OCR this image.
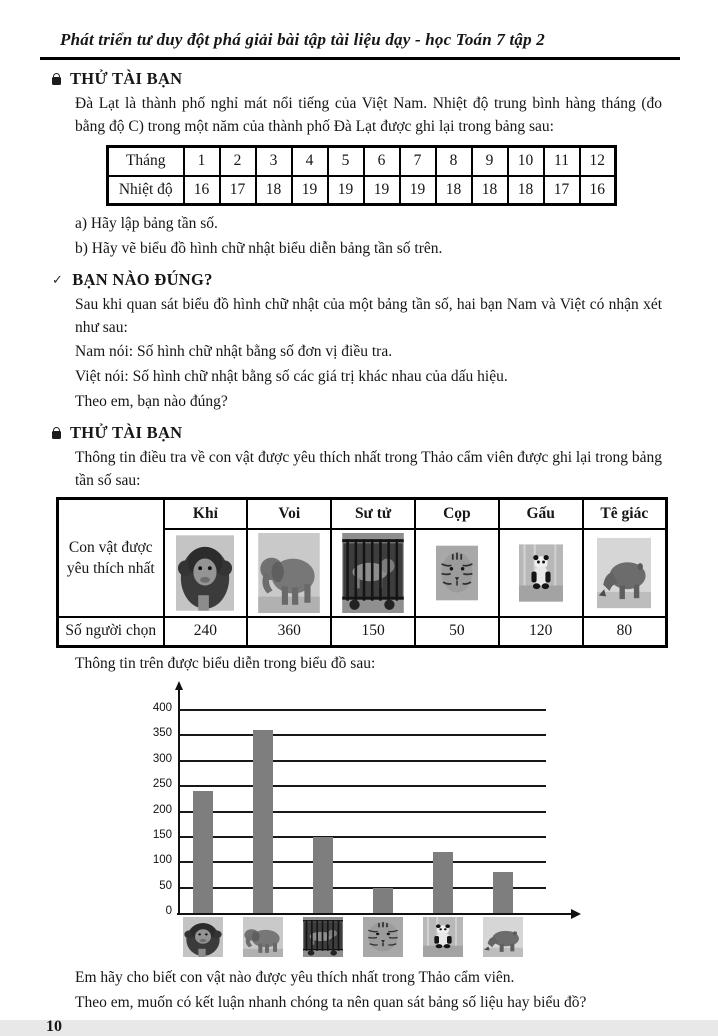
Phát triển tư duy đột phá giải bài tập tài liệu dạy - học Toán 7 tập 2
THỬ TÀI BẠN

Đà Lạt là thành phố nghỉ mát nổi tiếng của Việt Nam. Nhiệt độ trung bình hàng tháng (đo bằng độ C) trong một năm của thành phố Đà Lạt được ghi lại trong bảng sau:

Tháng	1	2	3	4	5	6	7	8	9	10	11	12
Nhiệt độ	16	17	18	19	19	19	19	18	18	18	17	16

a) Hãy lập bảng tần số.

b) Hãy vẽ biểu đồ hình chữ nhật biểu diễn bảng tần số trên.

✓ BẠN NÀO ĐÚNG?

Sau khi quan sát biểu đồ hình chữ nhật của một bảng tần số, hai bạn Nam và Việt có nhận xét như sau:

Nam nói: Số hình chữ nhật bằng số đơn vị điều tra.

Việt nói: Số hình chữ nhật bằng số các giá trị khác nhau của dấu hiệu.

Theo em, bạn nào đúng?

THỬ TÀI BẠN

Thông tin điều tra về con vật được yêu thích nhất trong Thảo cẩm viên được ghi lại trong bảng tần số sau:

Con vật được yêu thích nhất	Khỉ	Voi	Sư tử	Cọp	Gấu	Tê giác

Số người chọn	240	360	150	50	120	80

Thông tin trên được biểu diễn trong biểu đồ sau:

0
50
100
150
200
250
300
350
400

Em hãy cho biết con vật nào được yêu thích nhất trong Thảo cẩm viên.

Theo em, muốn có kết luận nhanh chóng ta nên quan sát bảng số liệu hay biểu đồ?

10
